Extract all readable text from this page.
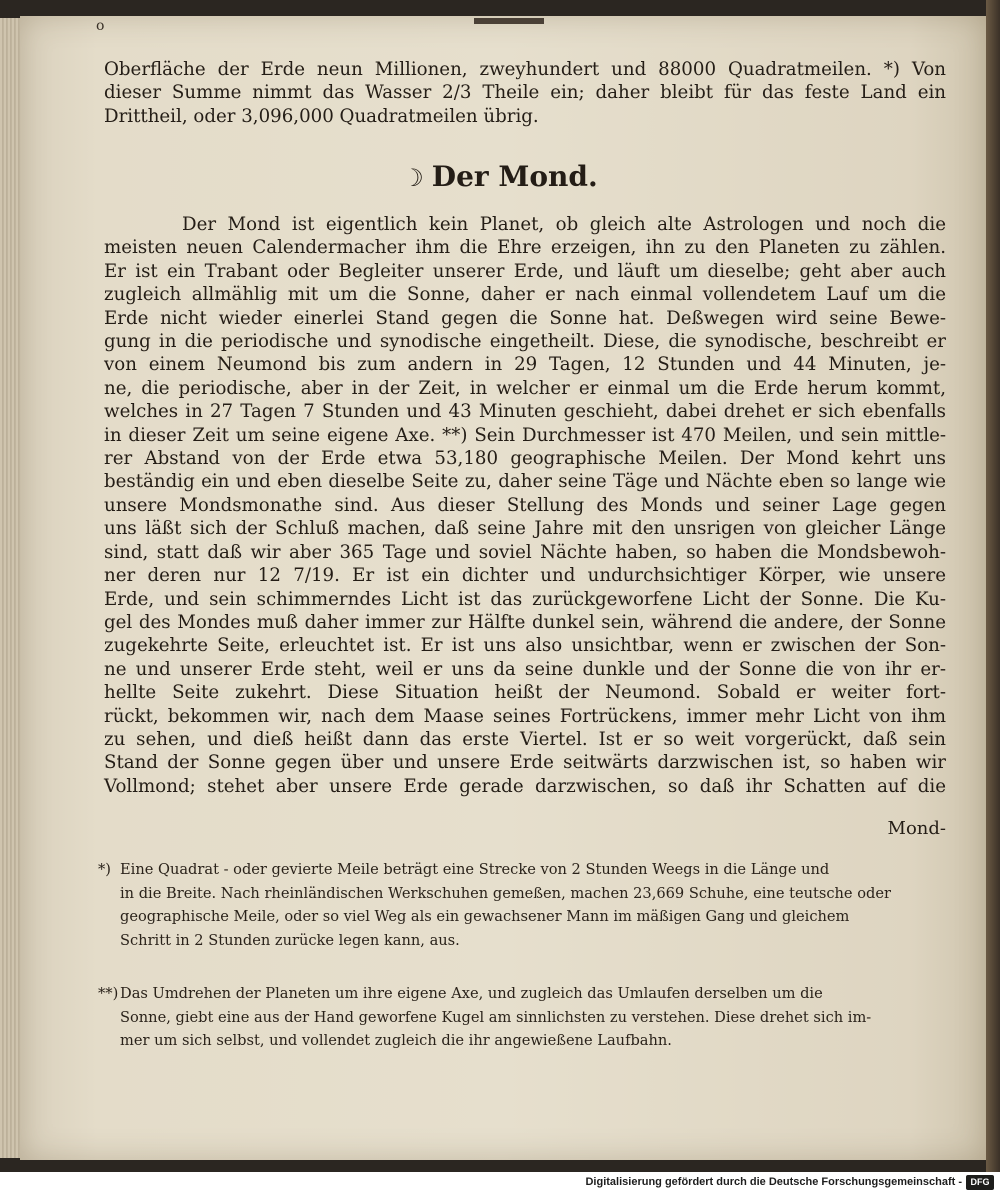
o

Oberfläche der Erde neun Millionen, zweyhundert und 88000 Quadratmeilen. *) Von

dieser Summe nimmt das Wasser 2/3 Theile ein; daher bleibt für das feste Land ein

Drittheil, oder 3,096,000 Quadratmeilen übrig.

☽ Der Mond.

Der Mond ist eigentlich kein Planet, ob gleich alte Astrologen und noch die

meisten neuen Calendermacher ihm die Ehre erzeigen, ihn zu den Planeten zu zählen.

Er ist ein Trabant oder Begleiter unserer Erde, und läuft um dieselbe; geht aber auch

zugleich allmählig mit um die Sonne, daher er nach einmal vollendetem Lauf um die

Erde nicht wieder einerlei Stand gegen die Sonne hat. Deßwegen wird seine Bewe-

gung in die periodische und synodische eingetheilt. Diese, die synodische, beschreibt er

von einem Neumond bis zum andern in 29 Tagen, 12 Stunden und 44 Minuten, je-

ne, die periodische, aber in der Zeit, in welcher er einmal um die Erde herum kommt,

welches in 27 Tagen 7 Stunden und 43 Minuten geschieht, dabei drehet er sich ebenfalls

in dieser Zeit um seine eigene Axe. **) Sein Durchmesser ist 470 Meilen, und sein mittle-

rer Abstand von der Erde etwa 53,180 geographische Meilen. Der Mond kehrt uns

beständig ein und eben dieselbe Seite zu, daher seine Täge und Nächte eben so lange wie

unsere Mondsmonathe sind. Aus dieser Stellung des Monds und seiner Lage gegen

uns läßt sich der Schluß machen, daß seine Jahre mit den unsrigen von gleicher Länge

sind, statt daß wir aber 365 Tage und soviel Nächte haben, so haben die Mondsbewoh-

ner deren nur 12 7/19. Er ist ein dichter und undurchsichtiger Körper, wie unsere

Erde, und sein schimmerndes Licht ist das zurückgeworfene Licht der Sonne. Die Ku-

gel des Mondes muß daher immer zur Hälfte dunkel sein, während die andere, der Sonne

zugekehrte Seite, erleuchtet ist. Er ist uns also unsichtbar, wenn er zwischen der Son-

ne und unserer Erde steht, weil er uns da seine dunkle und der Sonne die von ihr er-

hellte Seite zukehrt. Diese Situation heißt der Neumond. Sobald er weiter fort-

rückt, bekommen wir, nach dem Maase seines Fortrückens, immer mehr Licht von ihm

zu sehen, und dieß heißt dann das erste Viertel. Ist er so weit vorgerückt, daß sein

Stand der Sonne gegen über und unsere Erde seitwärts darzwischen ist, so haben wir

Vollmond; stehet aber unsere Erde gerade darzwischen, so daß ihr Schatten auf die

Mond-
*) Eine Quadrat - oder gevierte Meile beträgt eine Strecke von 2 Stunden Weegs in die Länge und
in die Breite. Nach rheinländischen Werkschuhen gemeßen, machen 23,669 Schuhe, eine teutsche oder
geographische Meile, oder so viel Weg als ein gewachsener Mann im mäßigen Gang und gleichem
Schritt in 2 Stunden zurücke legen kann, aus.
**) Das Umdrehen der Planeten um ihre eigene Axe, und zugleich das Umlaufen derselben um die
Sonne, giebt eine aus der Hand geworfene Kugel am sinnlichsten zu verstehen. Diese drehet sich im-
mer um sich selbst, und vollendet zugleich die ihr angewießene Laufbahn.
Digitalisierung gefördert durch die Deutsche Forschungsgemeinschaft - DFG
